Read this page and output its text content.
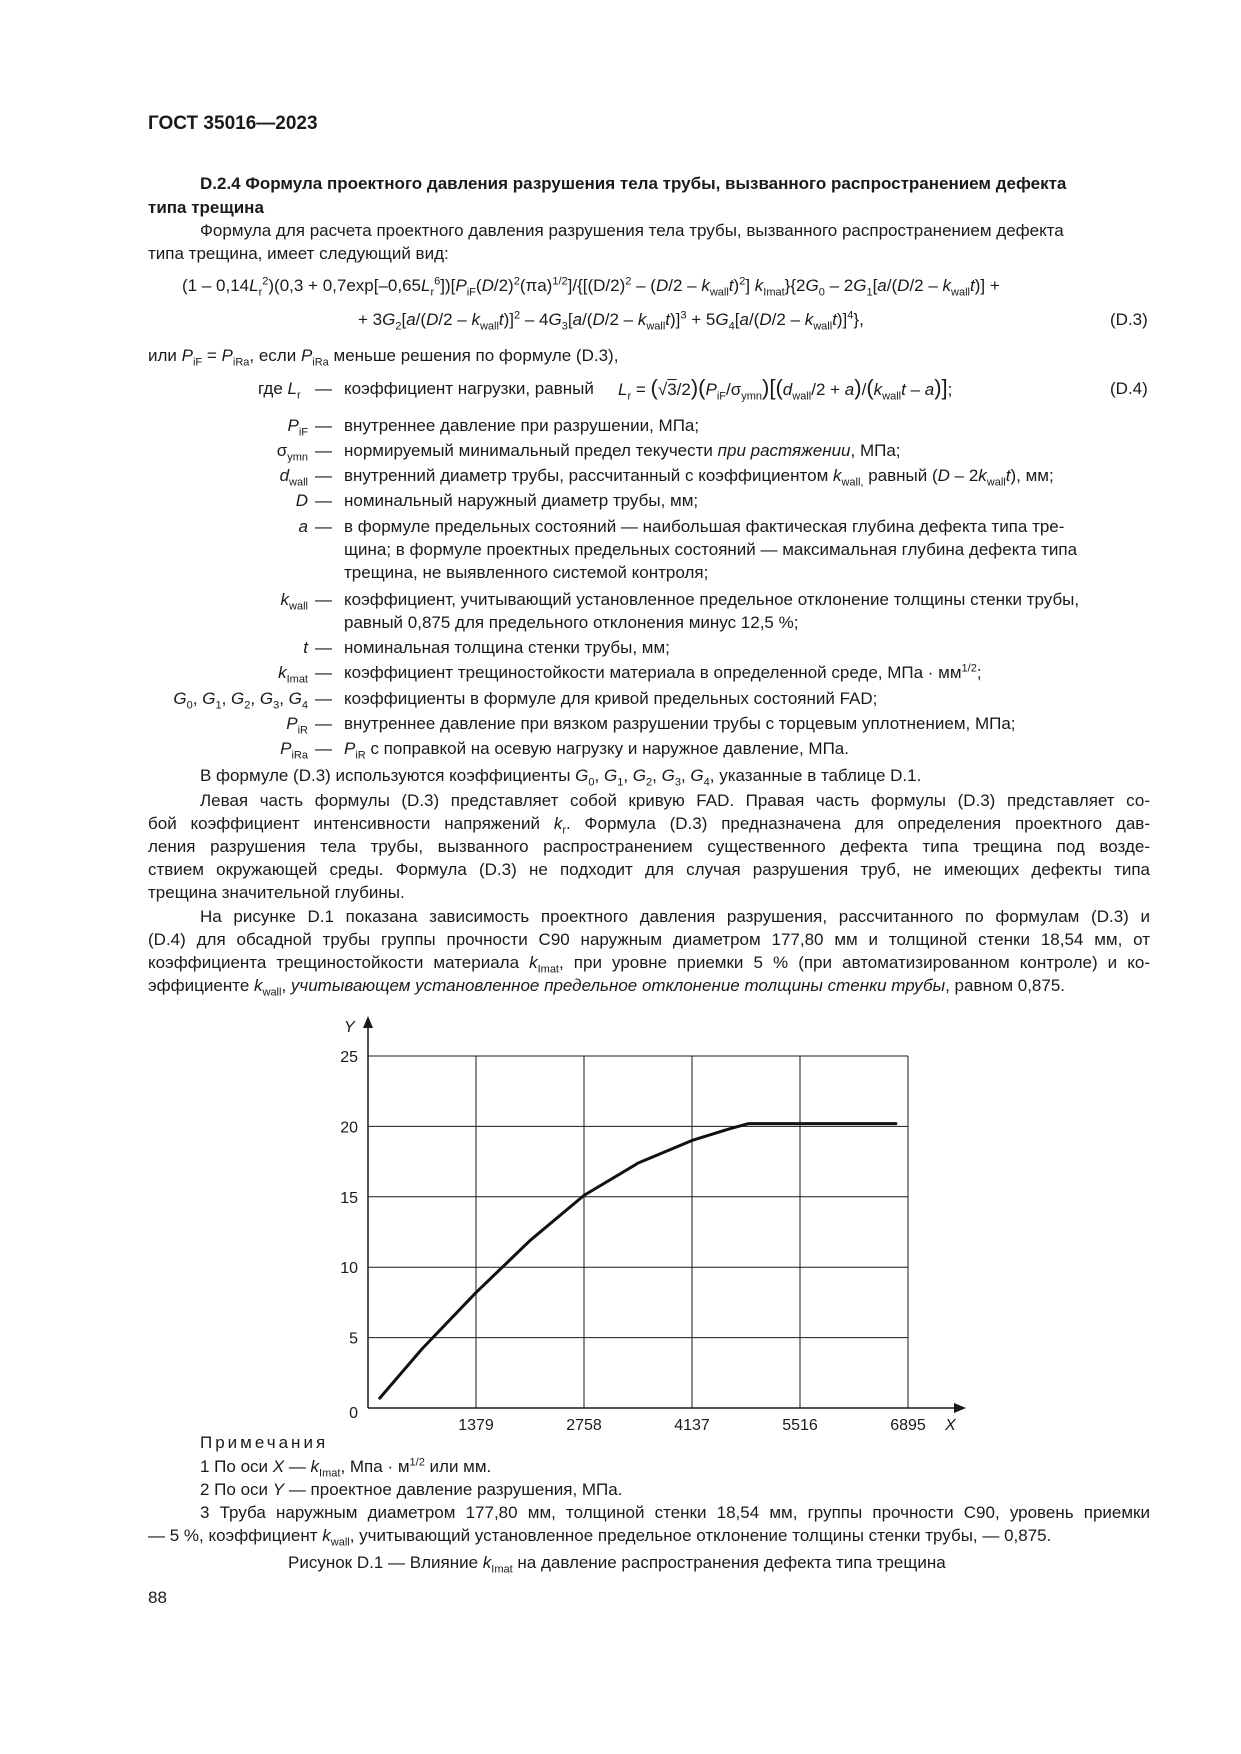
ГОСТ 35016—2023
D.2.4 Формула проектного давления разрушения тела трубы, вызванного распространением дефекта
типа трещина
Формула для расчета проектного давления разрушения тела трубы, вызванного распространением дефекта
типа трещина, имеет следующий вид:
$(1 - 0,14L_r^2)(0,3 + 0,7\exp[-0,65L_r^6])[P_{iF}(D/2)^2(\pi a)^{1/2}]/\{[(D/2)^2 - (D/2 - k_{wall}t)^2]$ $k_{Imat}\}\{2G_0 - 2G_1[a/(D/2 - k_{wall}t)]$ +
+ $3G_2[a/(D/2 - k_{wall}t)]^2 - 4G_3[a/(D/2 - k_{wall}t)]^3 + 5G_4[a/(D/2 - k_{wall}t)]^4$},	(D.3)
или $P_{iF} = P_{iRa}$, если $P_{iRa}$ меньше решения по формуле (D.3),
где $L_r$ — коэффициент нагрузки, равный $L_r = (√3/2)(P_{iF}/\sigma_{ymn})[(d_{wall}/2 + a)/(k_{wall}t - a)]$;	(D.4)
$P_{iF}$ — внутреннее давление при разрушении, МПа;
$\sigma_{ymn}$ — нормируемый минимальный предел текучести при растяжении, МПа;
$d_{wall}$ — внутренний диаметр трубы, рассчитанный с коэффициентом $k_{wall,}$ равный $(D - 2k_{wall}t)$, мм;
D — номинальный наружный диаметр трубы, мм;
a — в формуле предельных состояний — наибольшая фактическая глубина дефекта типа тре-
щина; в формуле проектных предельных состояний — максимальная глубина дефекта типа
трещина, не выявленного системой контроля;
$k_{wall}$ — коэффициент, учитывающий установленное предельное отклонение толщины стенки трубы,
равный 0,875 для предельного отклонения минус 12,5 %;
t — номинальная толщина стенки трубы, мм;
$k_{Imat}$ — коэффициент трещиностойкости материала в определенной среде, МПа · $мм^{1/2}$;
$G_0$, $G_1$, $G_2$, $G_3$, $G_4$ — коэффициенты в формуле для кривой предельных состояний FAD;
$P_{iR}$ — внутреннее давление при вязком разрушении трубы с торцевым уплотнением, МПа;
$P_{iRa}$ — $P_{iR}$ с поправкой на осевую нагрузку и наружное давление, МПа.
В формуле (D.3) используются коэффициенты $G_0$, $G_1$, $G_2$, $G_3$, $G_4$, указанные в таблице D.1.
Левая часть формулы (D.3) представляет собой кривую FAD. Правая часть формулы (D.3) представляет со-
бой коэффициент интенсивности напряжений $k_r$. Формула (D.3) предназначена для определения проектного дав-
ления разрушения тела трубы, вызванного распространением существенного дефекта типа трещина под возде-
ствием окружающей среды. Формула (D.3) не подходит для случая разрушения труб, не имеющих дефекты типа
трещина значительной глубины.
На рисунке D.1 показана зависимость проектного давления разрушения, рассчитанного по формулам (D.3) и
(D.4) для обсадной трубы группы прочности С90 наружным диаметром 177,80 мм и толщиной стенки 18,54 мм, от
коэффициента трещиностойкости материала $k_{Imat}$, при уровне приемки 5 % (при автоматизированном контроле) и ко-
эффициенте $k_{wall}$, учитывающем установленное предельное отклонение толщины стенки трубы, равном 0,875.
Y
X
1379	2758	4137	5516	6895
0
5
10
15
20
25
Примечания
1 По оси X — $k_{Imat}$, Мпа · $м^{1/2}$ или мм.
2 По оси Y — проектное давление разрушения, МПа.
3 Труба наружным диаметром 177,80 мм, толщиной стенки 18,54 мм, группы прочности С90, уровень приемки
— 5 %, коэффициент $k_{wall}$, учитывающий установленное предельное отклонение толщины стенки трубы, — 0,875.
Рисунок D.1 — Влияние $k_{Imat}$ на давление распространения дефекта типа трещина
88
